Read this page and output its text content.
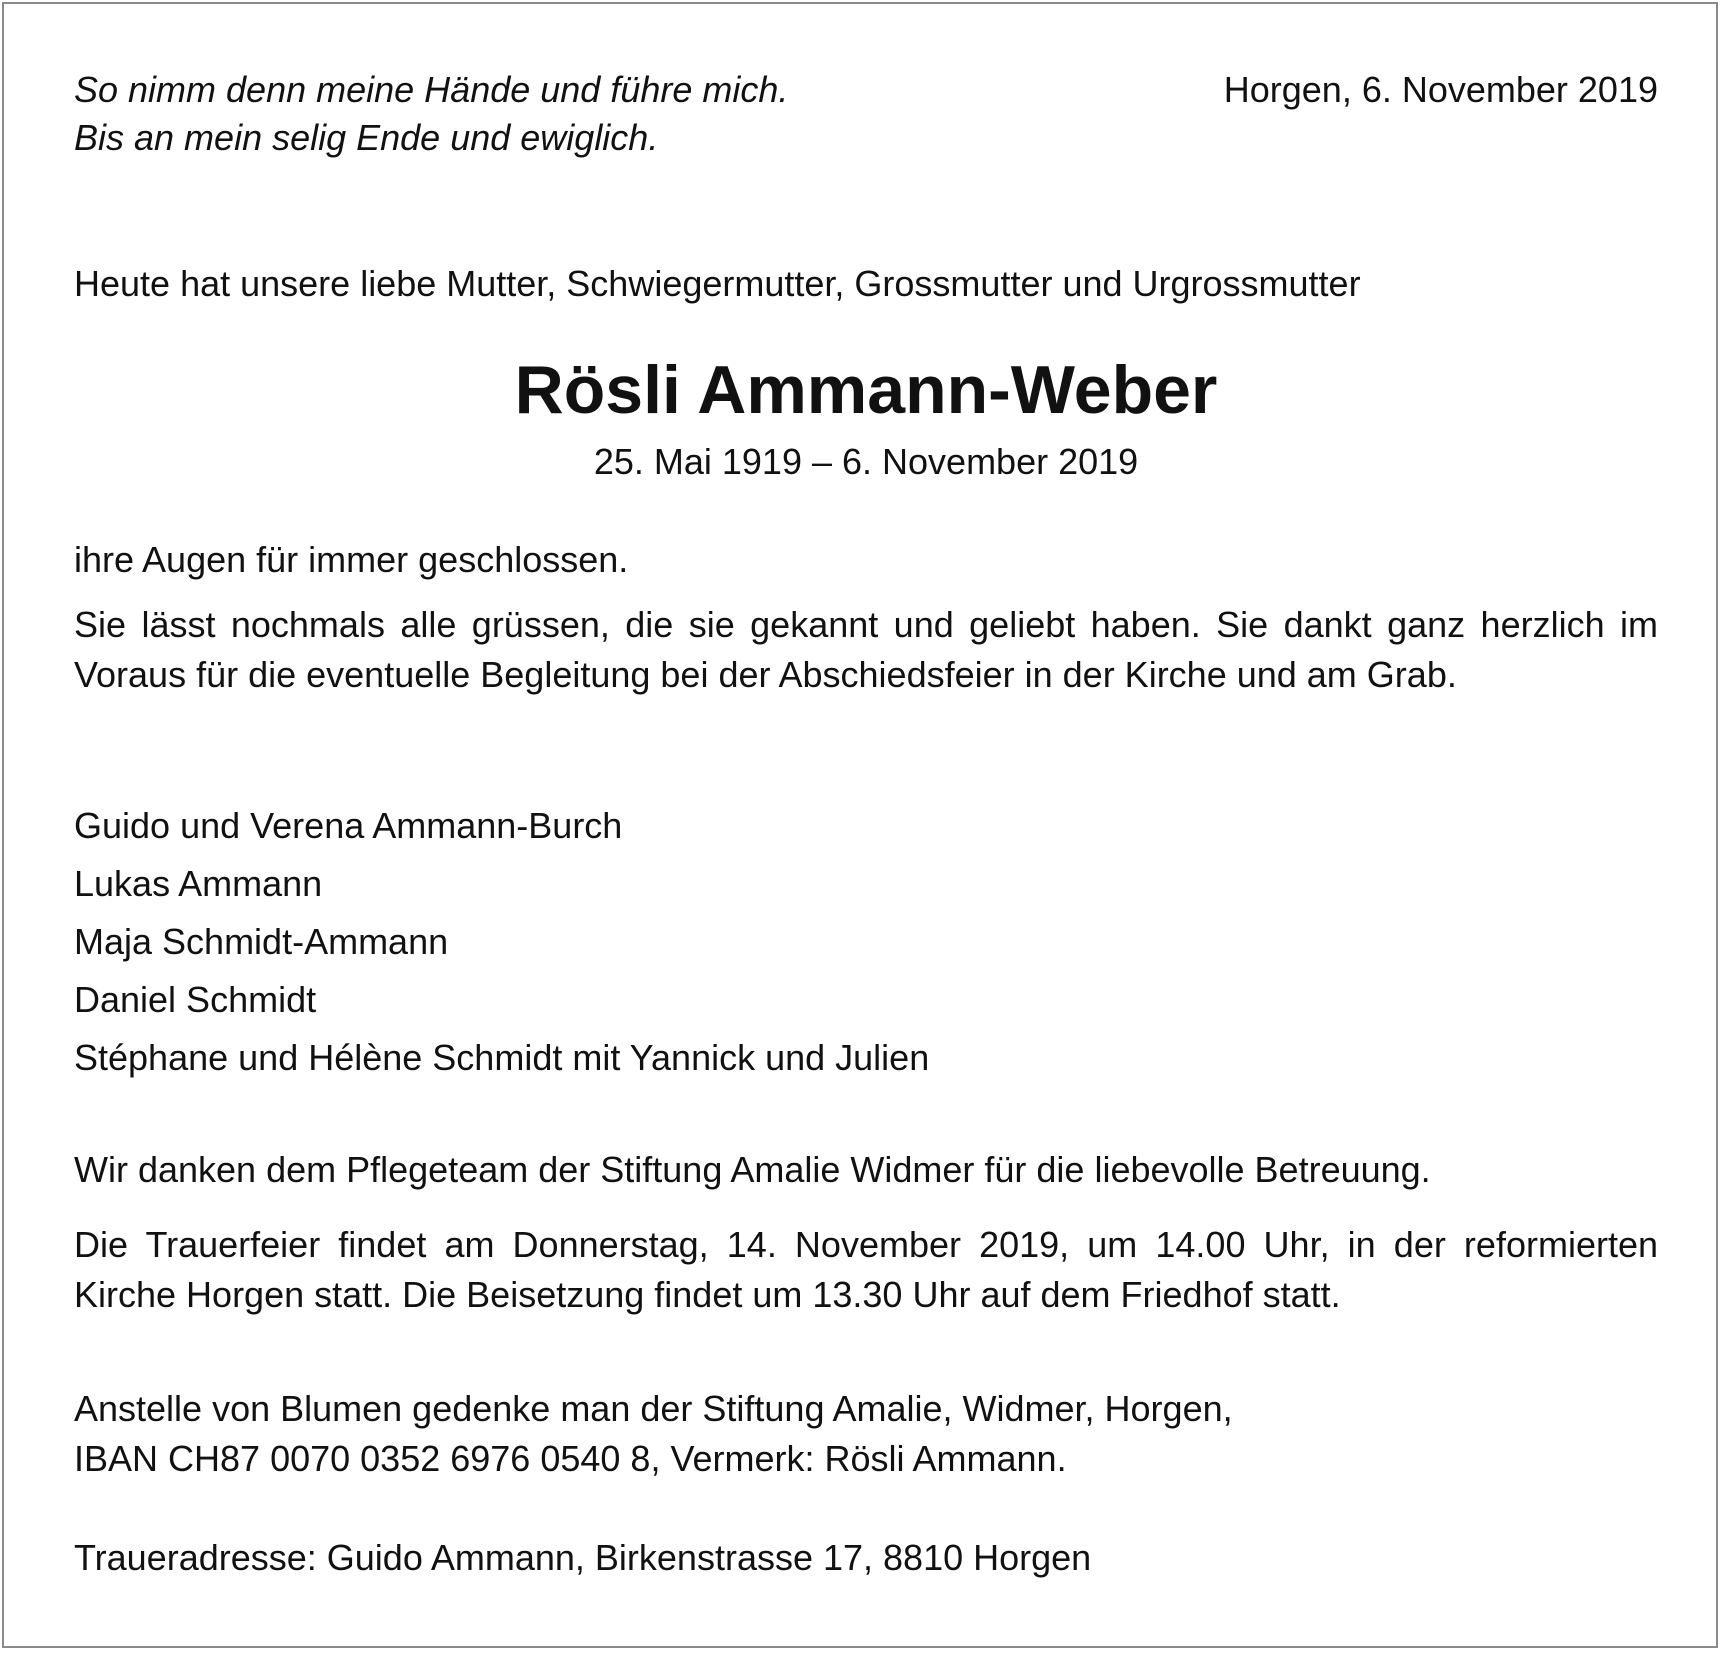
So nimm denn meine Hände und führe mich.
Bis an mein selig Ende und ewiglich.
Horgen, 6. November 2019
Heute hat unsere liebe Mutter, Schwiegermutter, Grossmutter und Urgrossmutter
Rösli Ammann-Weber
25. Mai 1919 – 6. November 2019
ihre Augen für immer geschlossen.
Sie lässt nochmals alle grüssen, die sie gekannt und geliebt haben. Sie dankt ganz herzlich im Voraus für die eventuelle Begleitung bei der Abschiedsfeier in der Kirche und am Grab.
Guido und Verena Ammann-Burch
Lukas Ammann
Maja Schmidt-Ammann
Daniel Schmidt
Stéphane und Hélène Schmidt mit Yannick und Julien
Wir danken dem Pflegeteam der Stiftung Amalie Widmer für die liebevolle Betreuung.
Die Trauerfeier findet am Donnerstag, 14. November 2019, um 14.00 Uhr, in der reformierten Kirche Horgen statt. Die Beisetzung findet um 13.30 Uhr auf dem Friedhof statt.
Anstelle von Blumen gedenke man der Stiftung Amalie, Widmer, Horgen,
IBAN CH87 0070 0352 6976 0540 8, Vermerk: Rösli Ammann.
Traueradresse: Guido Ammann, Birkenstrasse 17, 8810 Horgen
